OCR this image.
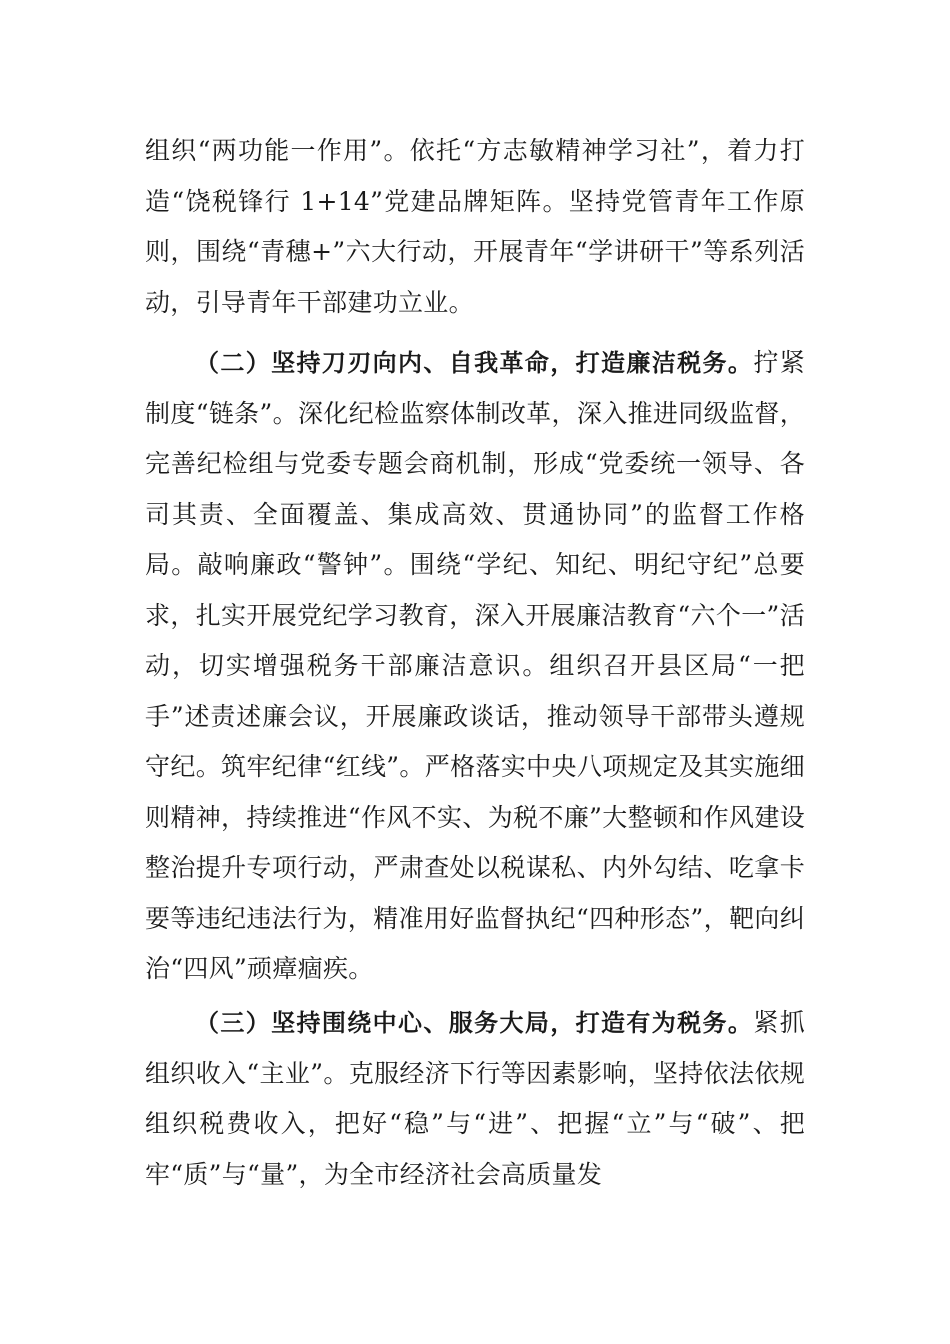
组织“两功能一作用”。依托“方志敏精神学习社”，着力打造“饶税锋行 1+14”党建品牌矩阵。坚持党管青年工作原则，围绕“青穗+”六大行动，开展青年“学讲研干”等系列活动，引导青年干部建功立业。

（二）坚持刀刃向内、自我革命，打造廉洁税务。拧紧制度“链条”。深化纪检监察体制改革，深入推进同级监督，完善纪检组与党委专题会商机制，形成“党委统一领导、各司其责、全面覆盖、集成高效、贯通协同”的监督工作格局。敲响廉政“警钟”。围绕“学纪、知纪、明纪守纪”总要求，扎实开展党纪学习教育，深入开展廉洁教育“六个一”活动，切实增强税务干部廉洁意识。组织召开县区局“一把手”述责述廉会议，开展廉政谈话，推动领导干部带头遵规守纪。筑牢纪律“红线”。严格落实中央八项规定及其实施细则精神，持续推进“作风不实、为税不廉”大整顿和作风建设整治提升专项行动，严肃查处以税谋私、内外勾结、吃拿卡要等违纪违法行为，精准用好监督执纪“四种形态”，靶向纠治“四风”顽瘴痼疾。

（三）坚持围绕中心、服务大局，打造有为税务。紧抓组织收入“主业”。克服经济下行等因素影响，坚持依法依规组织税费收入，把好“稳”与“进”、把握“立”与“破”、把牢“质”与“量”，为全市经济社会高质量发
